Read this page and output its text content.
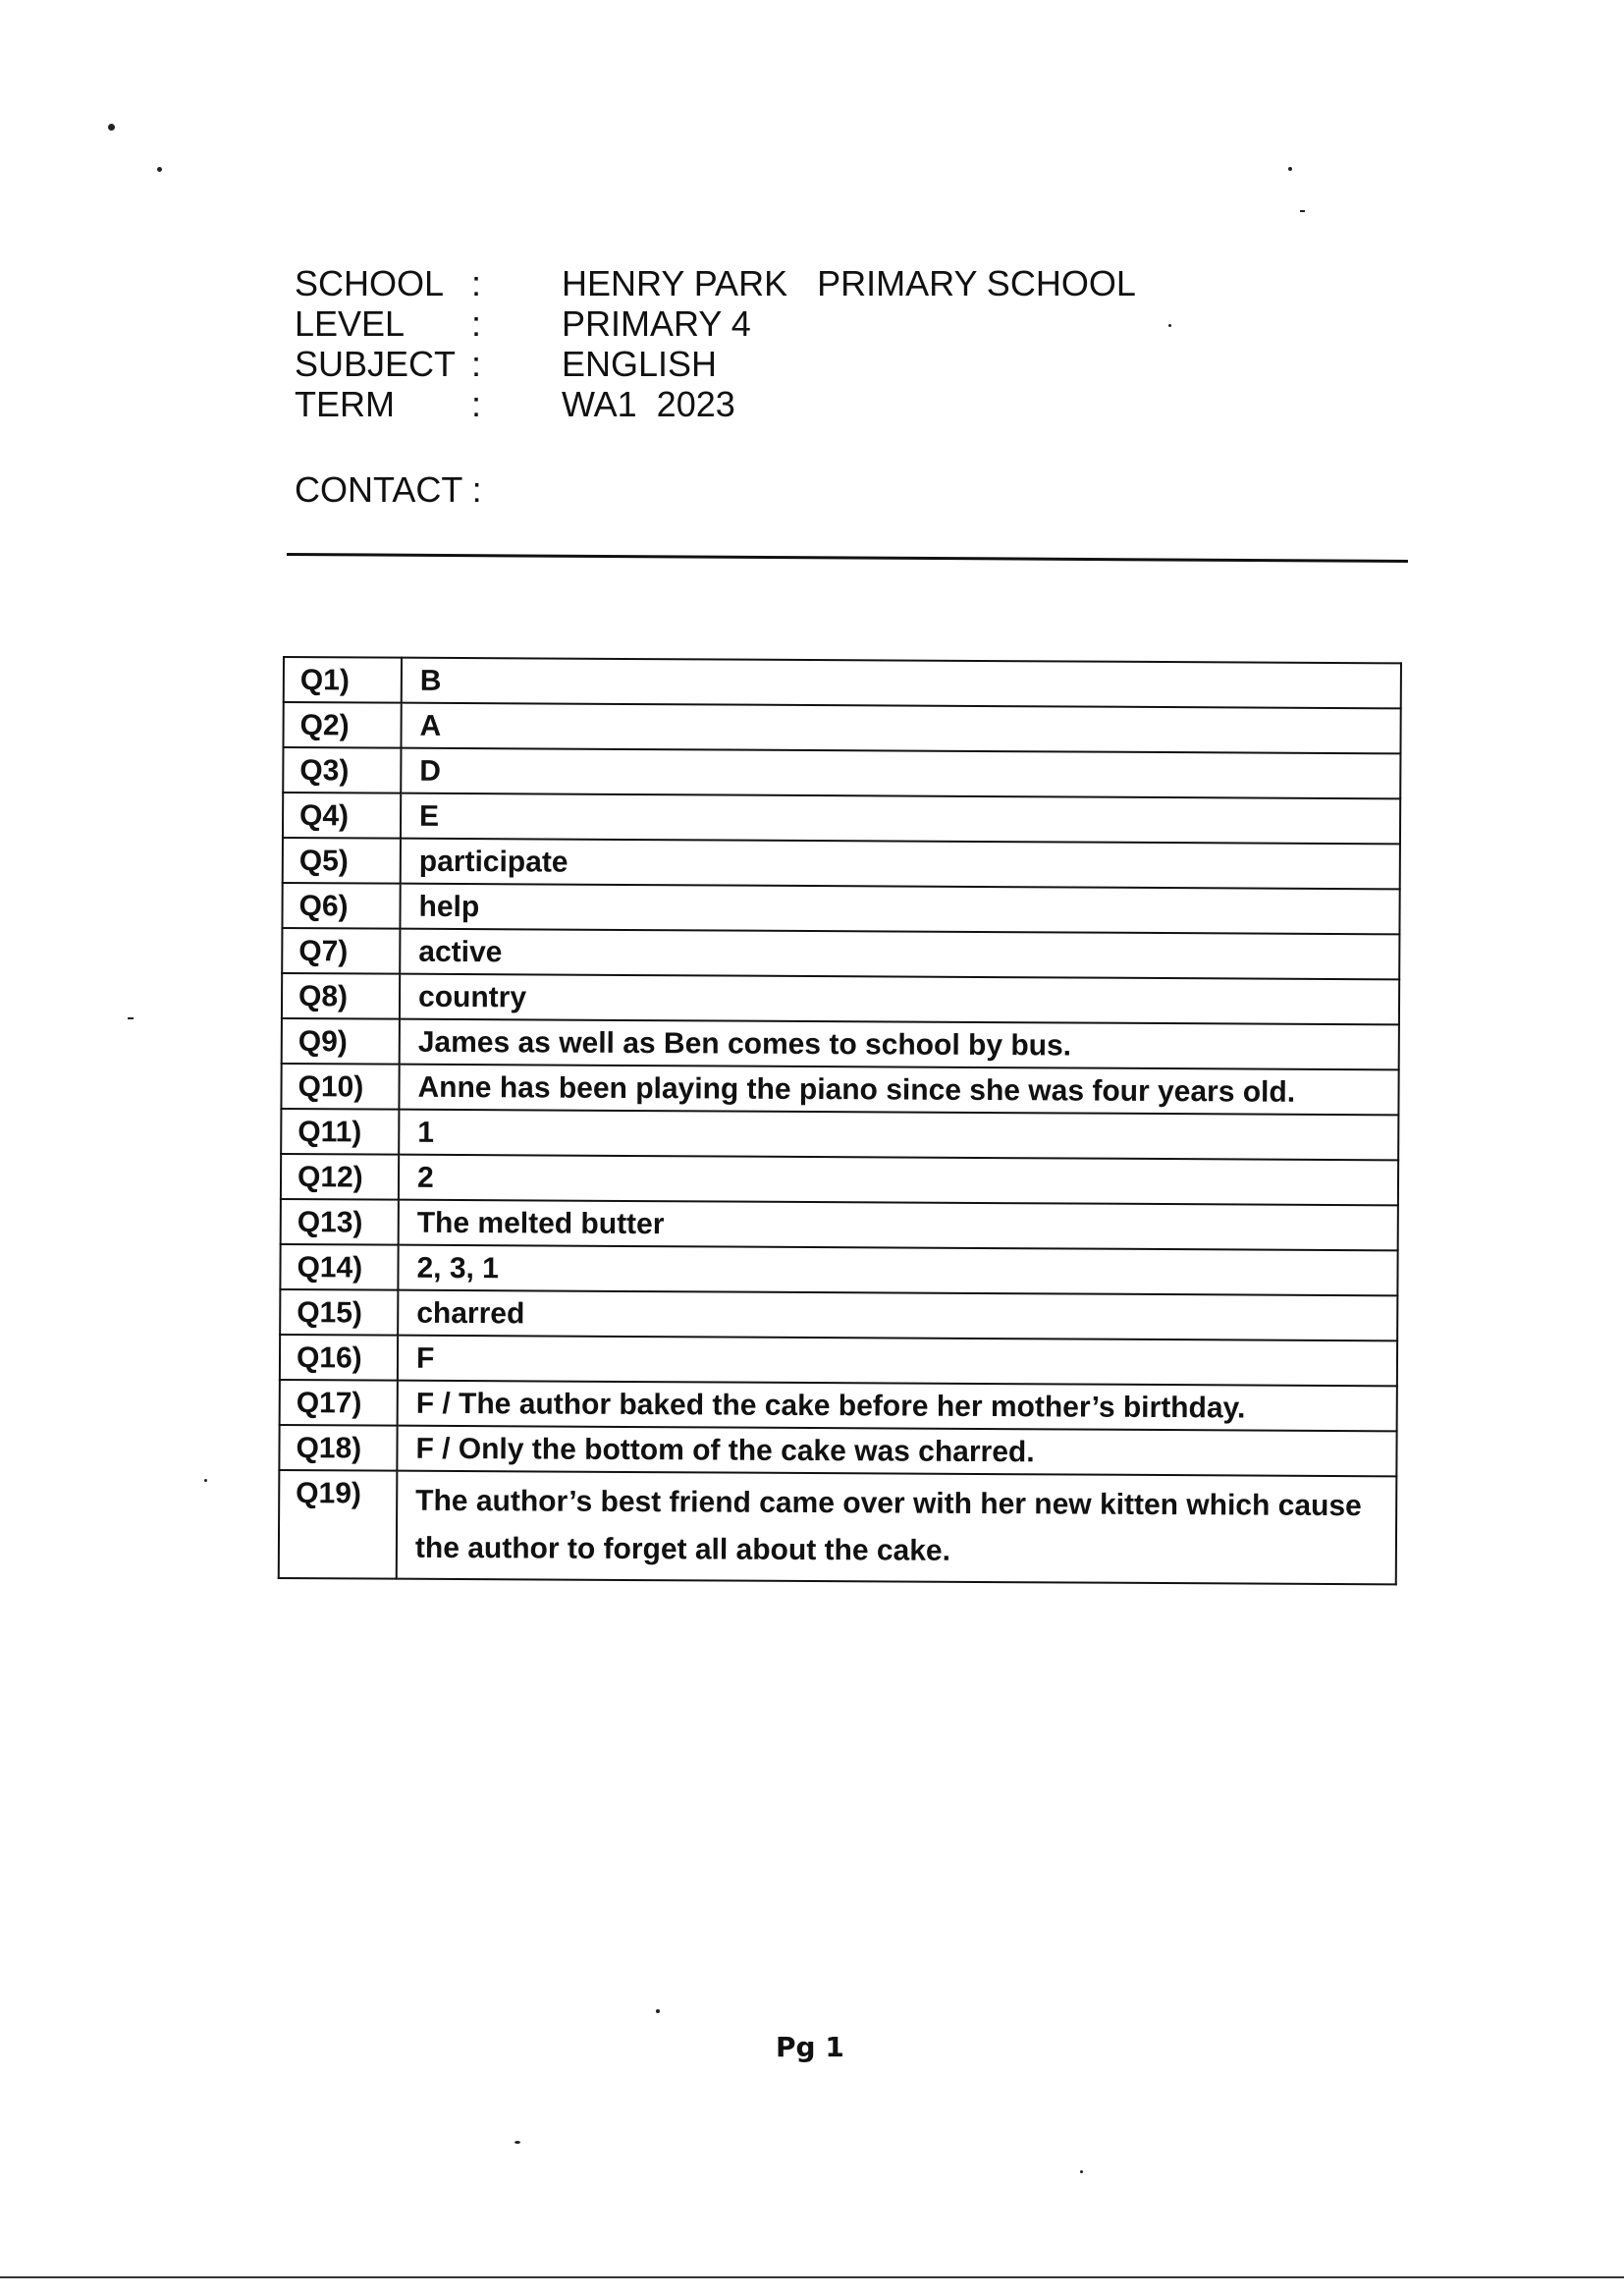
SCHOOL : HENRY PARK   PRIMARY SCHOOL
LEVEL : PRIMARY 4
SUBJECT : ENGLISH
TERM : WA1  2023
CONTACT :
Q1)	B
Q2)	A
Q3)	D
Q4)	E
Q5)	participate
Q6)	help
Q7)	active
Q8)	country
Q9)	James as well as Ben comes to school by bus.
Q10)	Anne has been playing the piano since she was four years old.
Q11)	1
Q12)	2
Q13)	The melted butter
Q14)	2, 3, 1
Q15)	charred
Q16)	F
Q17)	F / The author baked the cake before her mother’s birthday.
Q18)	F / Only the bottom of the cake was charred.
Q19)	The author’s best friend came over with her new kitten which cause the author to forget all about the cake.
Pg 1
